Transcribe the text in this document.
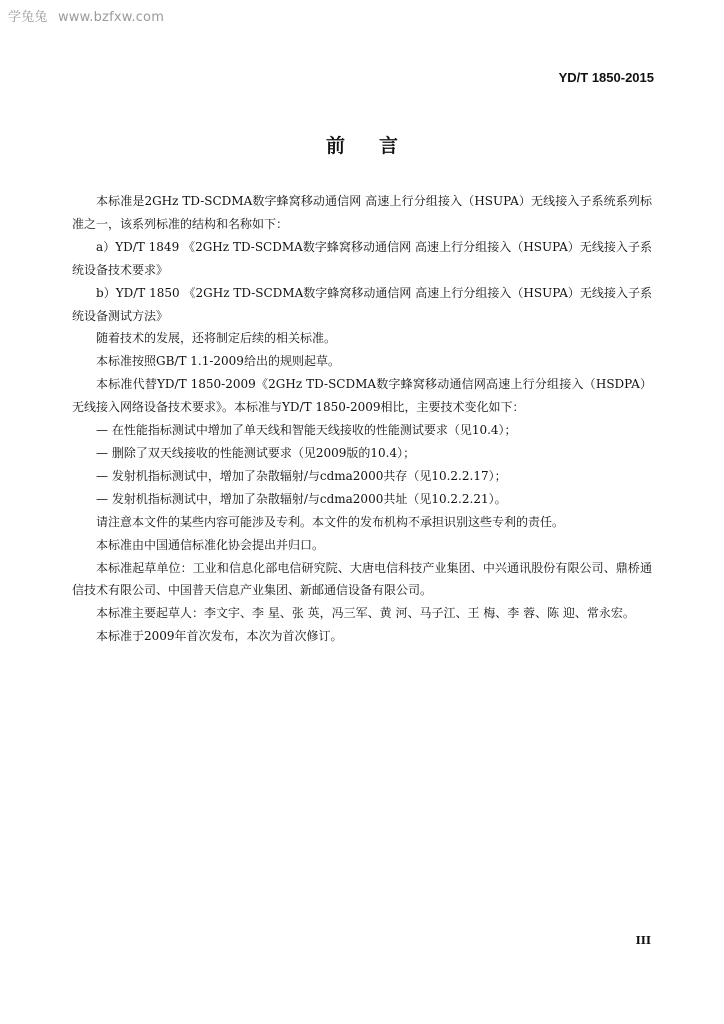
学兔兔 www.bzfxw.com
YD/T 1850-2015
前言

本标准是2GHz TD-SCDMA数字蜂窝移动通信网 高速上行分组接入（HSUPA）无线接入子系统系列标准之一，该系列标准的结构和名称如下：

a）YD/T 1849 《2GHz TD-SCDMA数字蜂窝移动通信网 高速上行分组接入（HSUPA）无线接入子系统设备技术要求》

b）YD/T 1850 《2GHz TD-SCDMA数字蜂窝移动通信网 高速上行分组接入（HSUPA）无线接入子系统设备测试方法》

随着技术的发展，还将制定后续的相关标准。

本标准按照GB/T 1.1-2009给出的规则起草。

本标准代替YD/T 1850-2009《2GHz TD-SCDMA数字蜂窝移动通信网高速上行分组接入（HSDPA）无线接入网络设备技术要求》。本标准与YD/T 1850-2009相比，主要技术变化如下：

— 在性能指标测试中增加了单天线和智能天线接收的性能测试要求（见10.4）；

— 删除了双天线接收的性能测试要求（见2009版的10.4）；

— 发射机指标测试中，增加了杂散辐射/与cdma2000共存（见10.2.2.17）；

— 发射机指标测试中，增加了杂散辐射/与cdma2000共址（见10.2.2.21）。

请注意本文件的某些内容可能涉及专利。本文件的发布机构不承担识别这些专利的责任。

本标准由中国通信标准化协会提出并归口。

本标准起草单位：工业和信息化部电信研究院、大唐电信科技产业集团、中兴通讯股份有限公司、鼎桥通信技术有限公司、中国普天信息产业集团、新邮通信设备有限公司。

本标准主要起草人：李文宇、李 星、张 英，冯三军、黄 河、马子江、王 梅、李 蓉、陈 迎、常永宏。

本标准于2009年首次发布，本次为首次修订。

III
